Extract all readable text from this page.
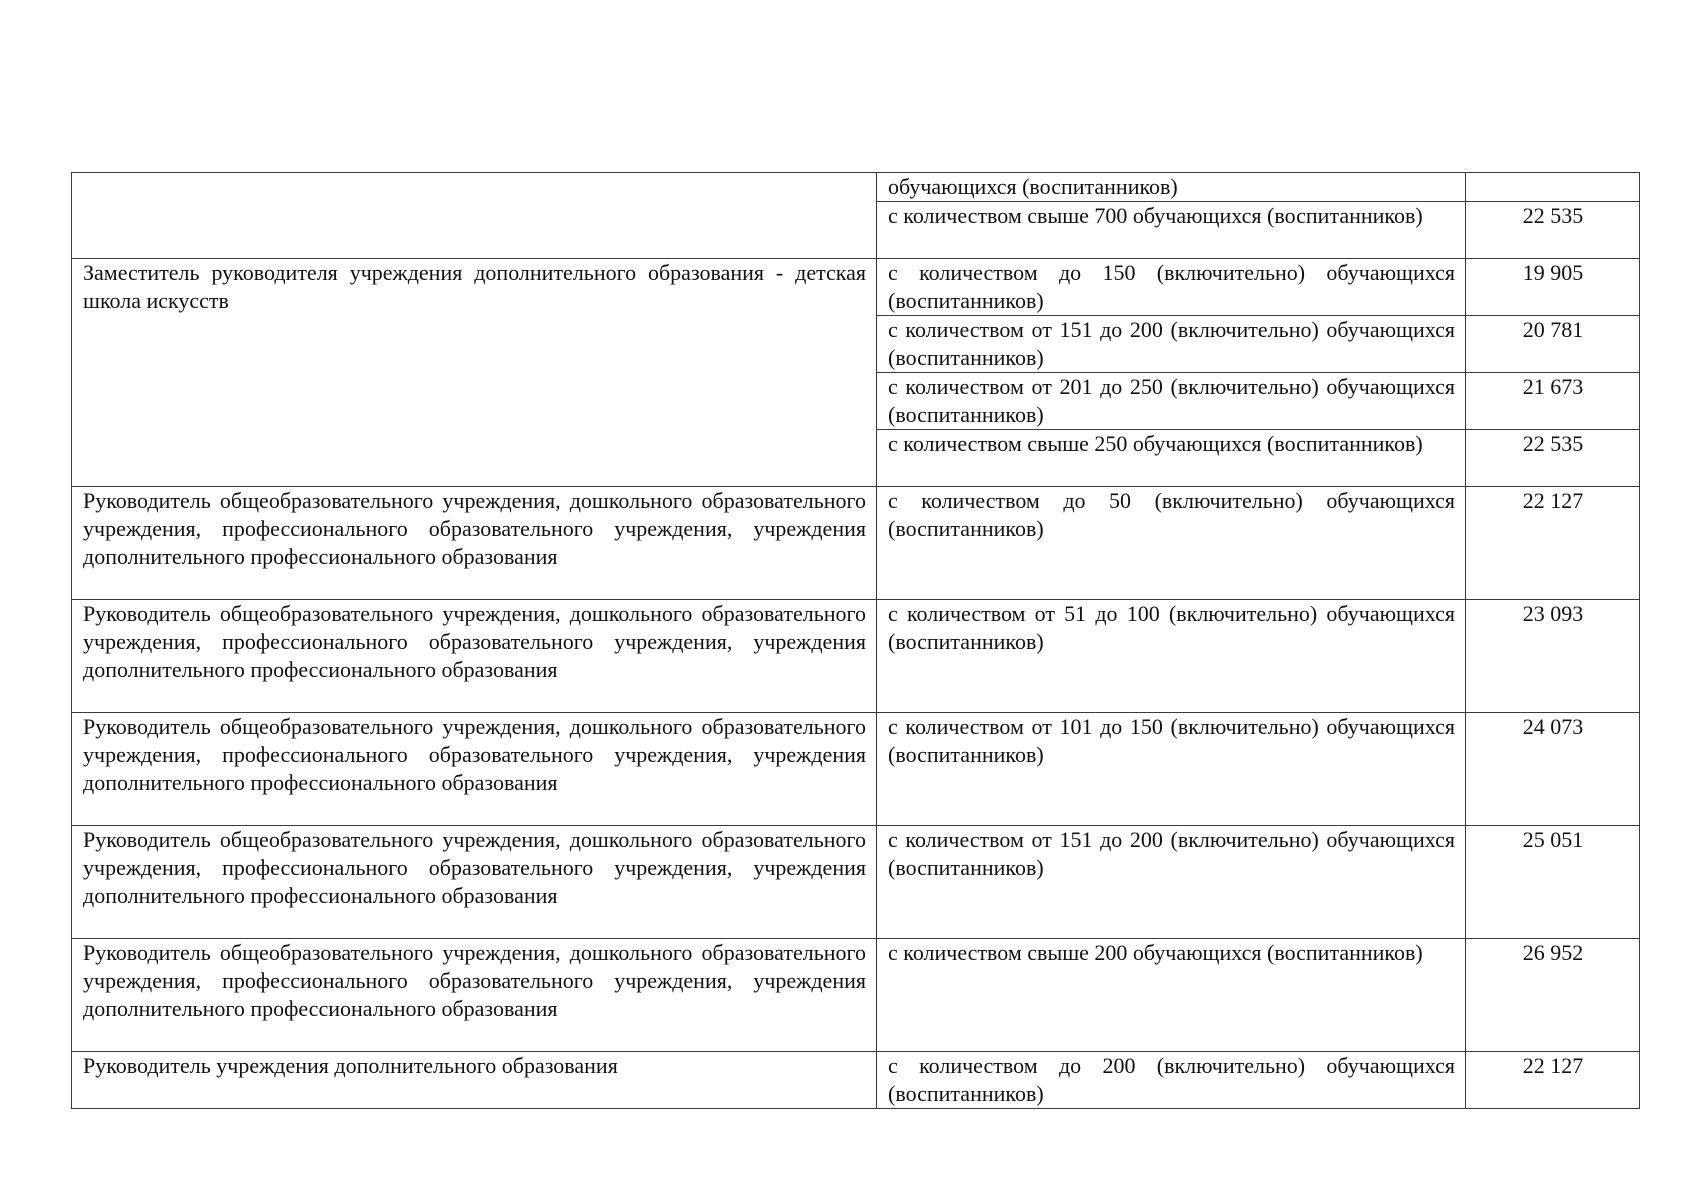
	обучающихся (воспитанников)	
	с количеством свыше 700 обучающихся (воспитанников)	22 535
Заместитель руководителя учреждения дополнительного образования - детская школа искусств	с количеством до 150 (включительно) обучающихся (воспитанников)	19 905
	с количеством от 151 до 200 (включительно) обучающихся (воспитанников)	20 781
	с количеством от 201 до 250 (включительно) обучающихся (воспитанников)	21 673
	с количеством свыше 250 обучающихся (воспитанников)	22 535
Руководитель общеобразовательного учреждения, дошкольного образовательного учреждения, профессионального образовательного учреждения, учреждения дополнительного профессионального образования	с количеством до 50 (включительно) обучающихся (воспитанников)	22 127
Руководитель общеобразовательного учреждения, дошкольного образовательного учреждения, профессионального образовательного учреждения, учреждения дополнительного профессионального образования	с количеством от 51 до 100 (включительно) обучающихся (воспитанников)	23 093
Руководитель общеобразовательного учреждения, дошкольного образовательного учреждения, профессионального образовательного учреждения, учреждения дополнительного профессионального образования	с количеством от 101 до 150 (включительно) обучающихся (воспитанников)	24 073
Руководитель общеобразовательного учреждения, дошкольного образовательного учреждения, профессионального образовательного учреждения, учреждения дополнительного профессионального образования	с количеством от 151 до 200 (включительно) обучающихся (воспитанников)	25 051
Руководитель общеобразовательного учреждения, дошкольного образовательного учреждения, профессионального образовательного учреждения, учреждения дополнительного профессионального образования	с количеством свыше 200 обучающихся (воспитанников)	26 952
Руководитель учреждения дополнительного образования	с количеством до 200 (включительно) обучающихся (воспитанников)	22 127
